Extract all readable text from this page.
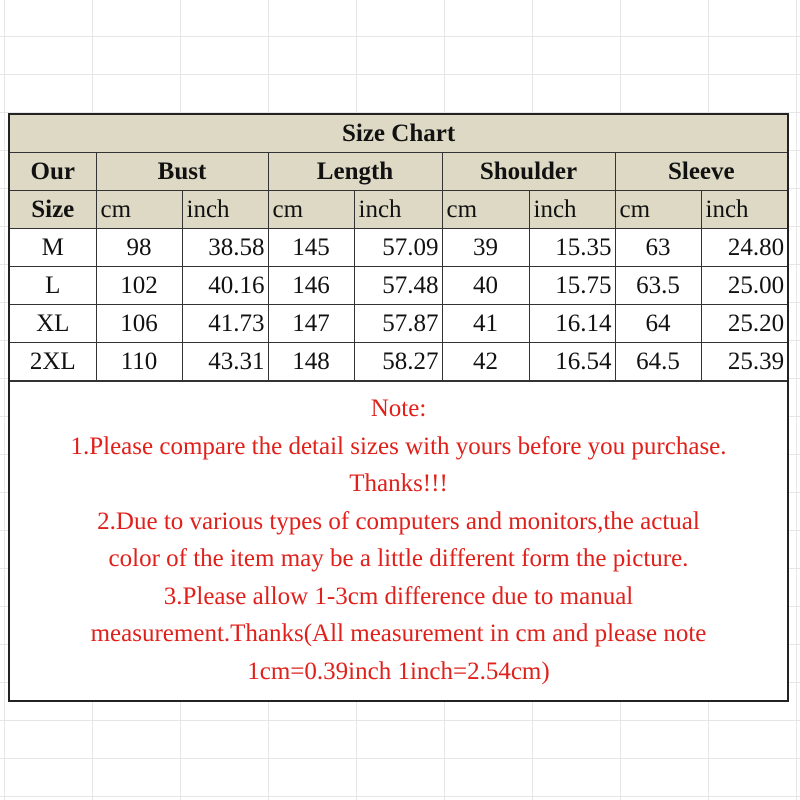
Size Chart								
Our	Bust		Length		Shoulder		Sleeve	
Size	cm	inch	cm	inch	cm	inch	cm	inch
M	98	38.58	145	57.09	39	15.35	63	24.80
L	102	40.16	146	57.48	40	15.75	63.5	25.00
XL	106	41.73	147	57.87	41	16.14	64	25.20
2XL	110	43.31	148	58.27	42	16.54	64.5	25.39
Note:
1.Please compare the detail sizes with yours before you purchase.
Thanks!!!
2.Due to various types of computers and monitors,the actual
color of the item may be a little different form the picture.
3.Please allow 1-3cm difference due to manual
measurement.Thanks(All measurement in cm and please note
1cm=0.39inch 1inch=2.54cm)
